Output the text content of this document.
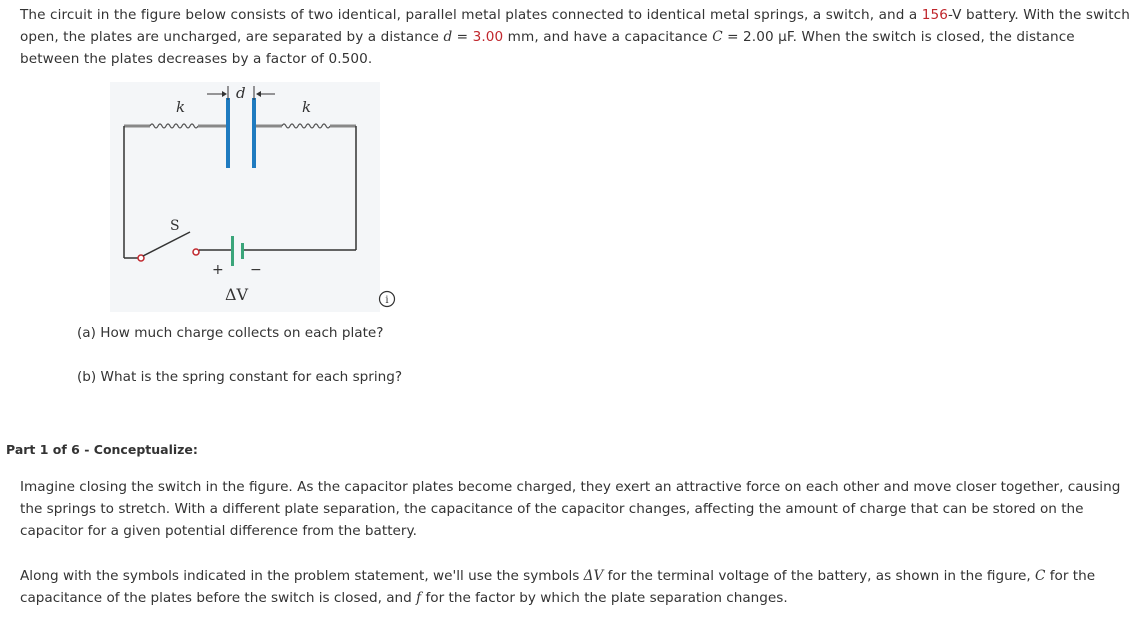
The circuit in the figure below consists of two identical, parallel metal plates connected to identical metal springs, a switch, and a 156-V battery. With the switch open, the plates are uncharged, are separated by a distance d = 3.00 mm, and have a capacitance C = 2.00 μF. When the switch is closed, the distance between the plates decreases by a factor of 0.500.
k	k
d
S
+ −
ΔV	i
(a) How much charge collects on each plate?
(b) What is the spring constant for each spring?
Part 1 of 6 - Conceptualize:
Imagine closing the switch in the figure. As the capacitor plates become charged, they exert an attractive force on each other and move closer together, causing the springs to stretch. With a different plate separation, the capacitance of the capacitor changes, affecting the amount of charge that can be stored on the capacitor for a given potential difference from the battery.
Along with the symbols indicated in the problem statement, we'll use the symbols ΔV for the terminal voltage of the battery, as shown in the figure, C for the capacitance of the plates before the switch is closed, and f for the factor by which the plate separation changes.
